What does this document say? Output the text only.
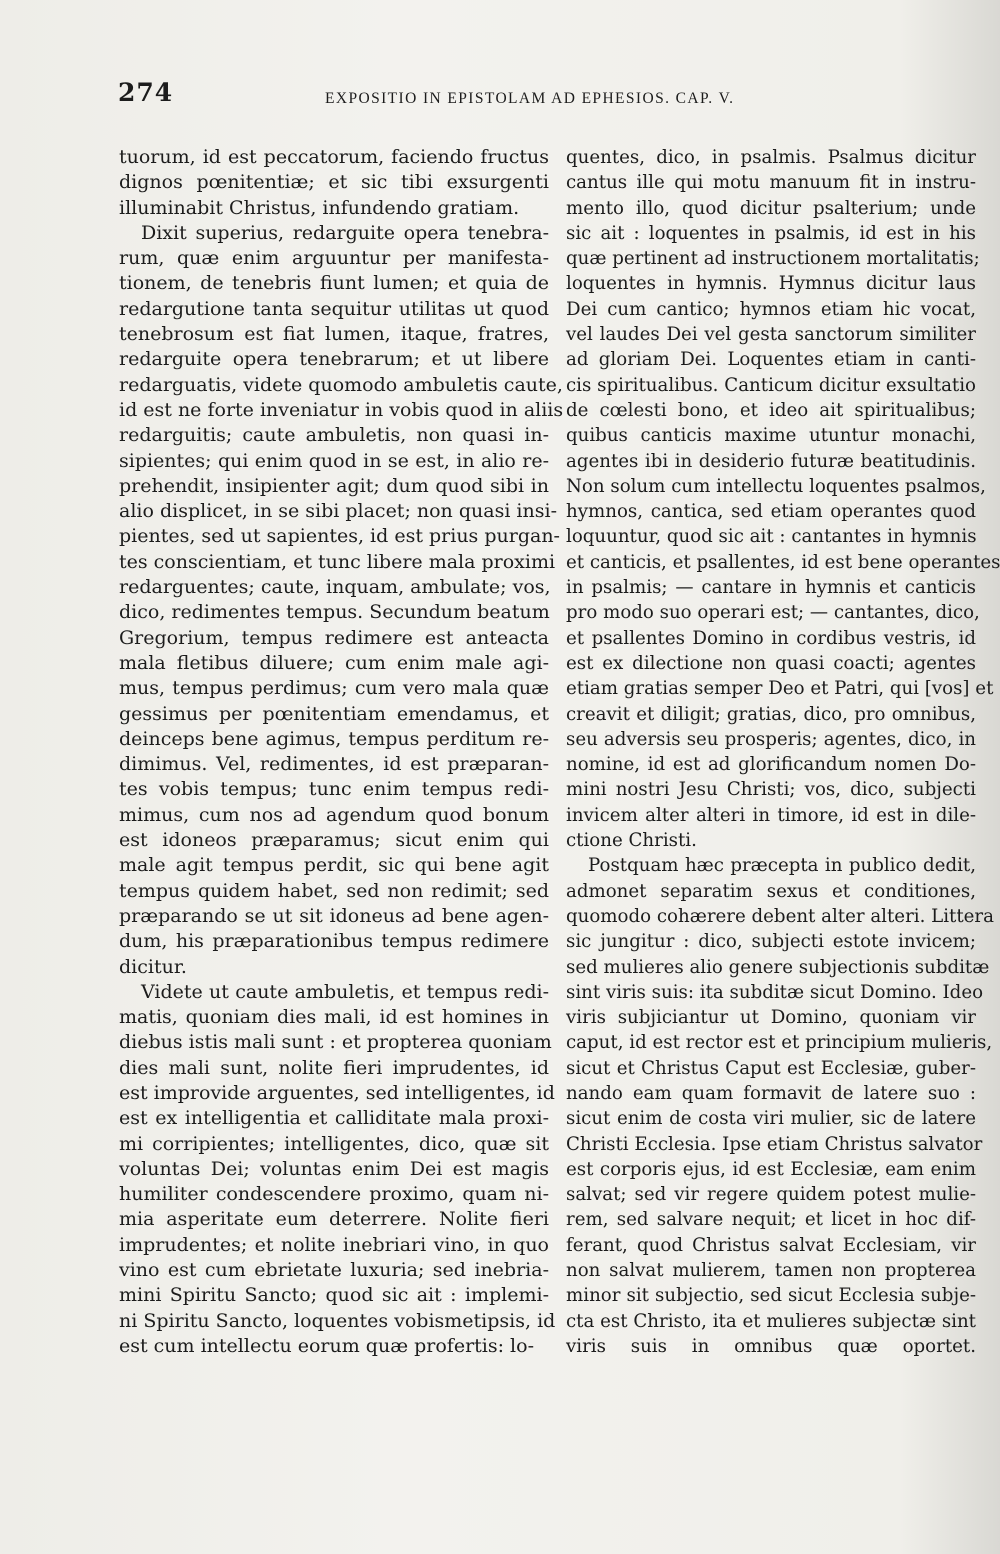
274	EXPOSITIO IN EPISTOLAM AD EPHESIOS. CAP. V.
tuorum, id est peccatorum, faciendo fructus
dignos pœnitentiæ; et sic tibi exsurgenti
illuminabit Christus, infundendo gratiam.
Dixit superius, redarguite opera tenebra-
rum, quæ enim arguuntur per manifesta-
tionem, de tenebris fiunt lumen; et quia de
redargutione tanta sequitur utilitas ut quod
tenebrosum est fiat lumen, itaque, fratres,
redarguite opera tenebrarum; et ut libere
redarguatis, videte quomodo ambuletis caute,
id est ne forte inveniatur in vobis quod in aliis
redarguitis; caute ambuletis, non quasi in-
sipientes; qui enim quod in se est, in alio re-
prehendit, insipienter agit; dum quod sibi in
alio displicet, in se sibi placet; non quasi insi-
pientes, sed ut sapientes, id est prius purgan-
tes conscientiam, et tunc libere mala proximi
redarguentes; caute, inquam, ambulate; vos,
dico, redimentes tempus. Secundum beatum
Gregorium, tempus redimere est anteacta
mala fletibus diluere; cum enim male agi-
mus, tempus perdimus; cum vero mala quæ
gessimus per pœnitentiam emendamus, et
deinceps bene agimus, tempus perditum re-
dimimus. Vel, redimentes, id est præparan-
tes vobis tempus; tunc enim tempus redi-
mimus, cum nos ad agendum quod bonum
est idoneos præparamus; sicut enim qui
male agit tempus perdit, sic qui bene agit
tempus quidem habet, sed non redimit; sed
præparando se ut sit idoneus ad bene agen-
dum, his præparationibus tempus redimere
dicitur.
Videte ut caute ambuletis, et tempus redi-
matis, quoniam dies mali, id est homines in
diebus istis mali sunt : et propterea quoniam
dies mali sunt, nolite fieri imprudentes, id
est improvide arguentes, sed intelligentes, id
est ex intelligentia et calliditate mala proxi-
mi corripientes; intelligentes, dico, quæ sit
voluntas Dei; voluntas enim Dei est magis
humiliter condescendere proximo, quam ni-
mia asperitate eum deterrere. Nolite fieri
imprudentes; et nolite inebriari vino, in quo
vino est cum ebrietate luxuria; sed inebria-
mini Spiritu Sancto; quod sic ait : implemi-
ni Spiritu Sancto, loquentes vobismetipsis, id
est cum intellectu eorum quæ profertis: lo-
quentes, dico, in psalmis. Psalmus dicitur
cantus ille qui motu manuum fit in instru-
mento illo, quod dicitur psalterium; unde
sic ait : loquentes in psalmis, id est in his
quæ pertinent ad instructionem mortalitatis;
loquentes in hymnis. Hymnus dicitur laus
Dei cum cantico; hymnos etiam hic vocat,
vel laudes Dei vel gesta sanctorum similiter
ad gloriam Dei. Loquentes etiam in canti-
cis spiritualibus. Canticum dicitur exsultatio
de cœlesti bono, et ideo ait spiritualibus;
quibus canticis maxime utuntur monachi,
agentes ibi in desiderio futuræ beatitudinis.
Non solum cum intellectu loquentes psalmos,
hymnos, cantica, sed etiam operantes quod
loquuntur, quod sic ait : cantantes in hymnis
et canticis, et psallentes, id est bene operantes
in psalmis; — cantare in hymnis et canticis
pro modo suo operari est; — cantantes, dico,
et psallentes Domino in cordibus vestris, id
est ex dilectione non quasi coacti; agentes
etiam gratias semper Deo et Patri, qui [vos] et
creavit et diligit; gratias, dico, pro omnibus,
seu adversis seu prosperis; agentes, dico, in
nomine, id est ad glorificandum nomen Do-
mini nostri Jesu Christi; vos, dico, subjecti
invicem alter alteri in timore, id est in dile-
ctione Christi.
Postquam hæc præcepta in publico dedit,
admonet separatim sexus et conditiones,
quomodo cohærere debent alter alteri. Littera
sic jungitur : dico, subjecti estote invicem;
sed mulieres alio genere subjectionis subditæ
sint viris suis: ita subditæ sicut Domino. Ideo
viris subjiciantur ut Domino, quoniam vir
caput, id est rector est et principium mulieris,
sicut et Christus Caput est Ecclesiæ, guber-
nando eam quam formavit de latere suo :
sicut enim de costa viri mulier, sic de latere
Christi Ecclesia. Ipse etiam Christus salvator
est corporis ejus, id est Ecclesiæ, eam enim
salvat; sed vir regere quidem potest mulie-
rem, sed salvare nequit; et licet in hoc dif-
ferant, quod Christus salvat Ecclesiam, vir
non salvat mulierem, tamen non propterea
minor sit subjectio, sed sicut Ecclesia subje-
cta est Christo, ita et mulieres subjectæ sint
viris suis in omnibus quæ oportet.
